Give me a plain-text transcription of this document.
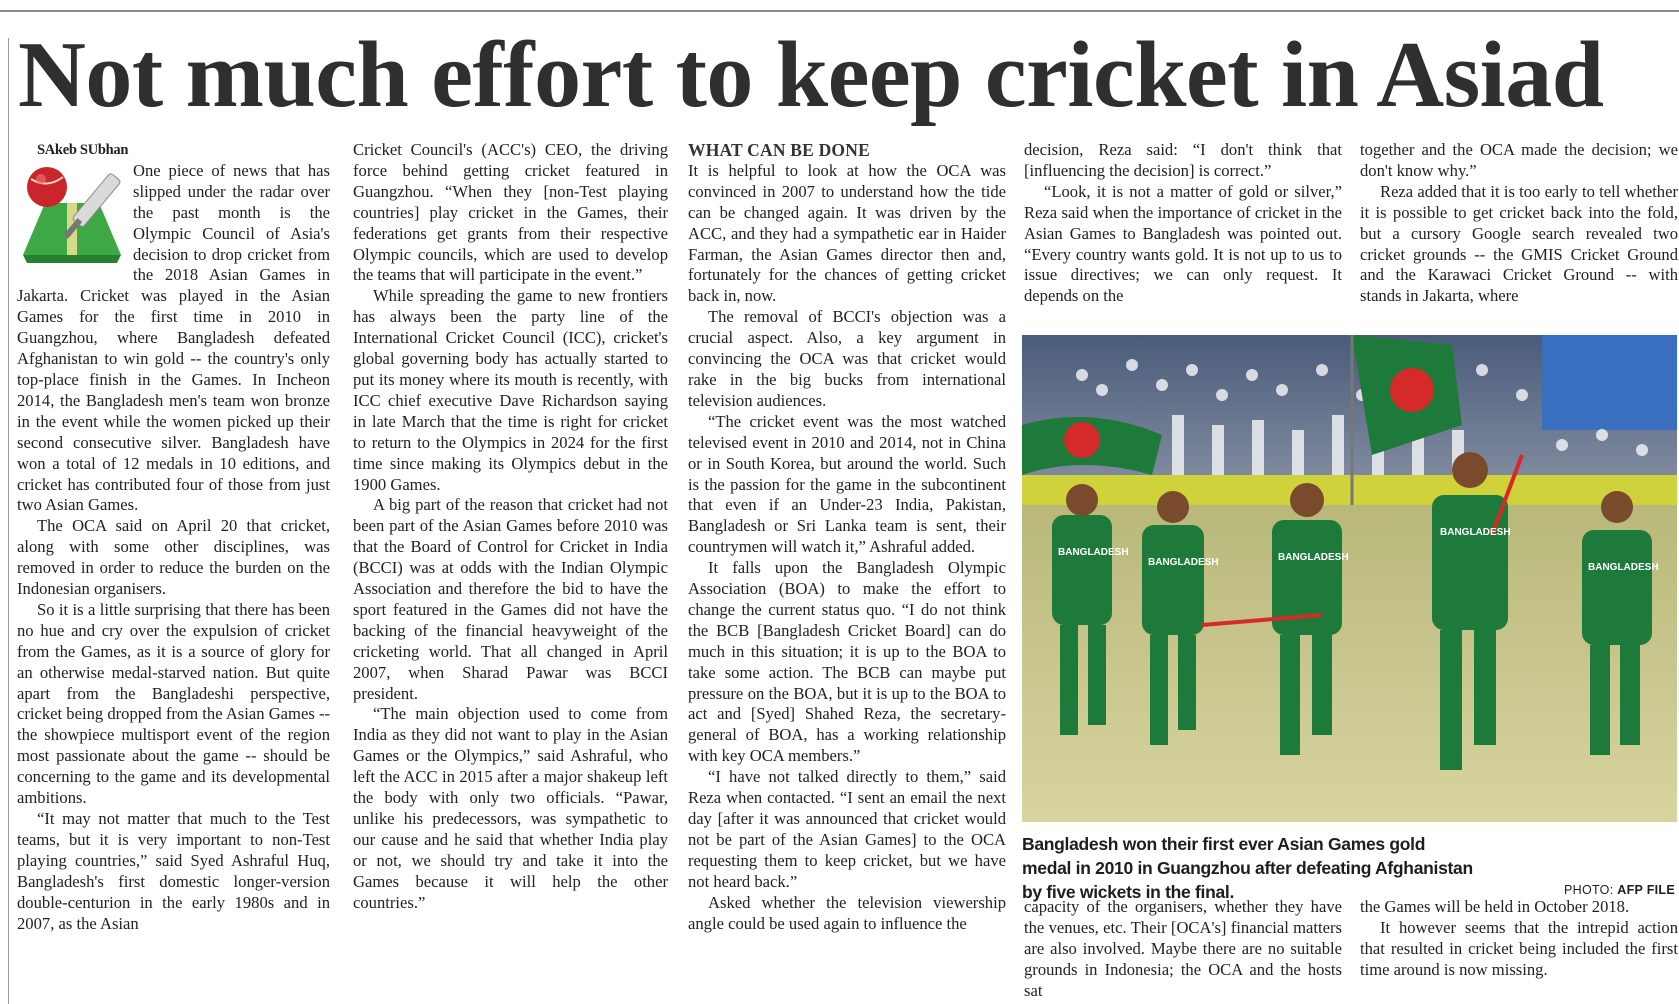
Not much effort to keep cricket in Asiad

SAkeb SUbhan

One piece of news that has slipped under the radar over the past month is the Olympic Council of Asia's decision to drop cricket from the 2018 Asian Games in Jakarta. Cricket was played in the Asian Games for the first time in 2010 in Guangzhou, where Bangladesh defeated Afghanistan to win gold -- the country's only top-place finish in the Games. In Incheon 2014, the Bangladesh men's team won bronze in the event while the women picked up their second consecutive silver. Bangladesh have won a total of 12 medals in 10 editions, and cricket has contributed four of those from just two Asian Games.

The OCA said on April 20 that cricket, along with some other disciplines, was removed in order to reduce the burden on the Indonesian organisers.

So it is a little surprising that there has been no hue and cry over the expulsion of cricket from the Games, as it is a source of glory for an otherwise medal-starved nation. But quite apart from the Bangladeshi perspective, cricket being dropped from the Asian Games -- the showpiece multisport event of the region most passionate about the game -- should be concerning to the game and its developmental ambitions.

“It may not matter that much to the Test teams, but it is very important to non-Test playing countries,” said Syed Ashraful Huq, Bangladesh's first domestic longer-version double-centurion in the early 1980s and in 2007, as the Asian

Cricket Council's (ACC's) CEO, the driving force behind getting cricket featured in Guangzhou. “When they [non-Test playing countries] play cricket in the Games, their federations get grants from their respective Olympic councils, which are used to develop the teams that will participate in the event.”

While spreading the game to new frontiers has always been the party line of the International Cricket Council (ICC), cricket's global governing body has actually started to put its money where its mouth is recently, with ICC chief executive Dave Richardson saying in late March that the time is right for cricket to return to the Olympics in 2024 for the first time since making its Olympics debut in the 1900 Games.

A big part of the reason that cricket had not been part of the Asian Games before 2010 was that the Board of Control for Cricket in India (BCCI) was at odds with the Indian Olympic Association and therefore the bid to have the sport featured in the Games did not have the backing of the financial heavyweight of the cricketing world. That all changed in April 2007, when Sharad Pawar was BCCI president.

“The main objection used to come from India as they did not want to play in the Asian Games or the Olympics,” said Ashraful, who left the ACC in 2015 after a major shakeup left the body with only two officials. “Pawar, unlike his predecessors, was sympathetic to our cause and he said that whether India play or not, we should try and take it into the Games because it will help the other countries.”

WHAT CAN BE DONE

It is helpful to look at how the OCA was convinced in 2007 to understand how the tide can be changed again. It was driven by the ACC, and they had a sympathetic ear in Haider Farman, the Asian Games director then and, fortunately for the chances of getting cricket back in, now.

The removal of BCCI's objection was a crucial aspect. Also, a key argument in convincing the OCA was that cricket would rake in the big bucks from international television audiences.

“The cricket event was the most watched televised event in 2010 and 2014, not in China or in South Korea, but around the world. Such is the passion for the game in the subcontinent that even if an Under-23 India, Pakistan, Bangladesh or Sri Lanka team is sent, their countrymen will watch it,” Ashraful added.

It falls upon the Bangladesh Olympic Association (BOA) to make the effort to change the current status quo. “I do not think the BCB [Bangladesh Cricket Board] can do much in this situation; it is up to the BOA to take some action. The BCB can maybe put pressure on the BOA, but it is up to the BOA to act and [Syed] Shahed Reza, the secretary-general of BOA, has a working relationship with key OCA members.”

“I have not talked directly to them,” said Reza when contacted. “I sent an email the next day [after it was announced that cricket would not be part of the Asian Games] to the OCA requesting them to keep cricket, but we have not heard back.”

Asked whether the television viewership angle could be used again to influence the

decision, Reza said: “I don't think that [influencing the decision] is correct.”

“Look, it is not a matter of gold or silver,” Reza said when the importance of cricket in the Asian Games to Bangladesh was pointed out. “Every country wants gold. It is not up to us to issue directives; we can only request. It depends on the

together and the OCA made the decision; we don't know why.”

Reza added that it is too early to tell whether it is possible to get cricket back into the fold, but a cursory Google search revealed two cricket grounds -- the GMIS Cricket Ground and the Karawaci Cricket Ground -- with stands in Jakarta, where

BANGLADESH
BANGLADESH	BANGLADESH
BANGLADESH
BANGLADESH
Bangladesh won their first ever Asian Games gold medal in 2010 in Guangzhou after defeating Afghanistan by five wickets in the final.	PHOTO: AFP FILE

capacity of the organisers, whether they have the venues, etc. Their [OCA's] financial matters are also involved. Maybe there are no suitable grounds in Indonesia; the OCA and the hosts sat

the Games will be held in October 2018.

It however seems that the intrepid action that resulted in cricket being included the first time around is now missing.
